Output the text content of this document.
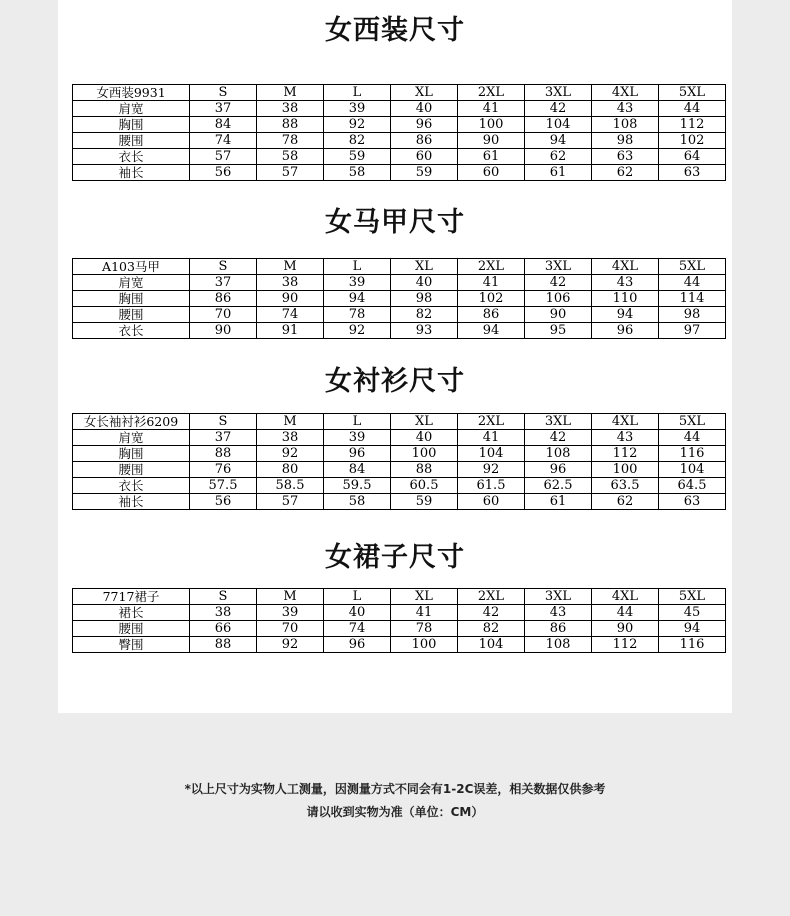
女西装尺寸
女西装9931	S	M	L	XL	2XL	3XL	4XL	5XL
肩宽	37	38	39	40	41	42	43	44
胸围	84	88	92	96	100	104	108	112
腰围	74	78	82	86	90	94	98	102
衣长	57	58	59	60	61	62	63	64
袖长	56	57	58	59	60	61	62	63
女马甲尺寸
A103马甲	S	M	L	XL	2XL	3XL	4XL	5XL
肩宽	37	38	39	40	41	42	43	44
胸围	86	90	94	98	102	106	110	114
腰围	70	74	78	82	86	90	94	98
衣长	90	91	92	93	94	95	96	97
女衬衫尺寸
女长袖衬衫6209	S	M	L	XL	2XL	3XL	4XL	5XL
肩宽	37	38	39	40	41	42	43	44
胸围	88	92	96	100	104	108	112	116
腰围	76	80	84	88	92	96	100	104
衣长	57.5	58.5	59.5	60.5	61.5	62.5	63.5	64.5
袖长	56	57	58	59	60	61	62	63
女裙子尺寸
7717裙子	S	M	L	XL	2XL	3XL	4XL	5XL
裙长	38	39	40	41	42	43	44	45
腰围	66	70	74	78	82	86	90	94
臀围	88	92	96	100	104	108	112	116
*以上尺寸为实物人工测量，因测量方式不同会有1-2C误差，相关数据仅供参考
请以收到实物为准（单位：CM）
